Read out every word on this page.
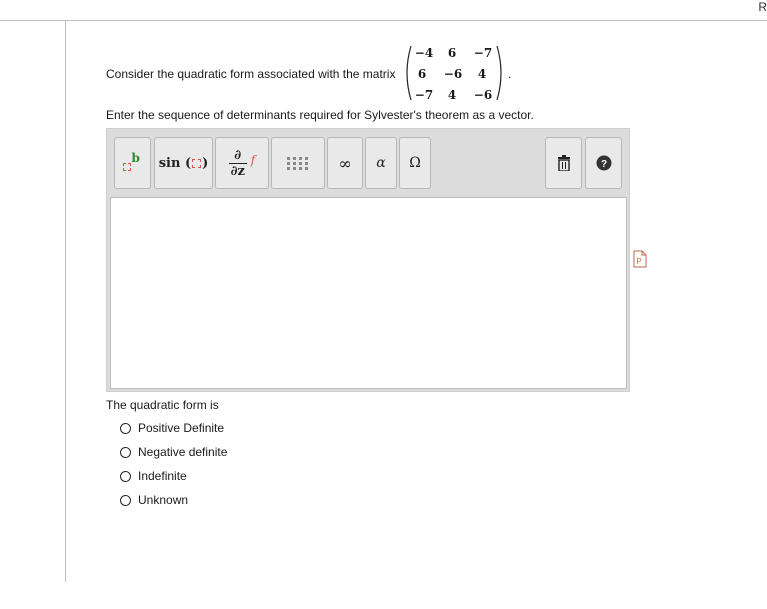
R
Consider the quadratic form associated with the matrix
−4	6	−7
6	−6	4
−7	4	−6
.
Enter the sequence of determinants required for Sylvester's theorem as a vector.
b sin ( )
∂
∂z
f	∞ α Ω	?
P
The quadratic form is
Positive Definite
Negative definite
Indefinite
Unknown
